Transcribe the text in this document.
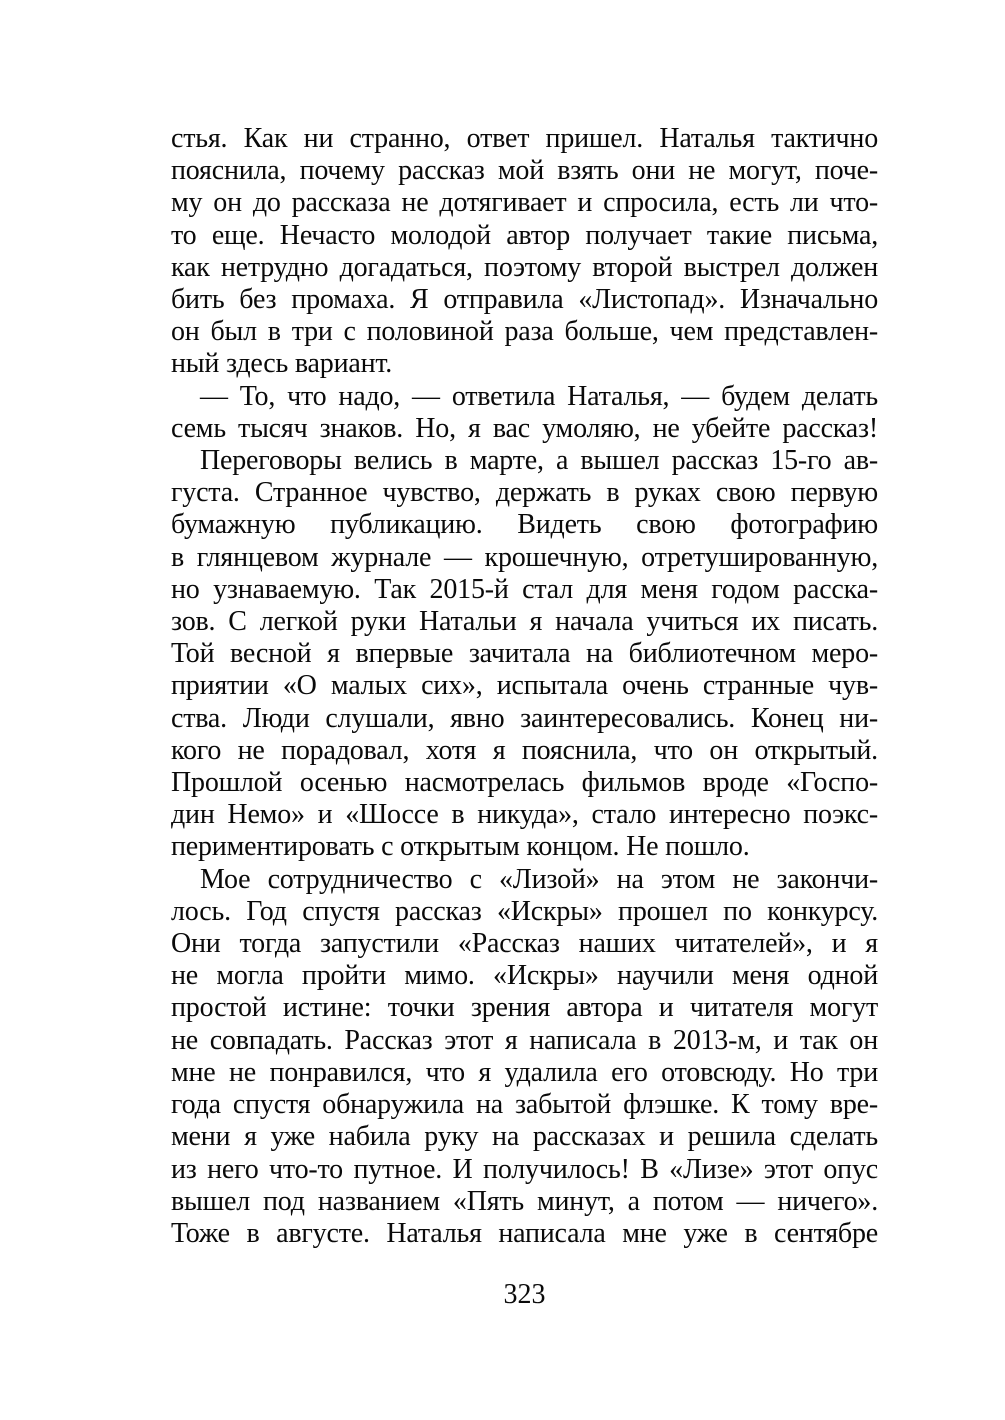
стья. Как ни странно, ответ пришел. Наталья тактично
пояснила, почему рассказ мой взять они не могут, поче-
му он до рассказа не дотягивает и спросила, есть ли что-
то еще. Нечасто молодой автор получает такие письма,
как нетрудно догадаться, поэтому второй выстрел должен
бить без промаха. Я отправила «Листопад». Изначально
он был в три с половиной раза больше, чем представлен-
ный здесь вариант.
— То, что надо, — ответила Наталья, — будем делать
семь тысяч знаков. Но, я вас умоляю, не убейте рассказ!
Переговоры велись в марте, а вышел рассказ 15-го ав-
густа. Странное чувство, держать в руках свою первую
бумажную публикацию. Видеть свою фотографию
в глянцевом журнале — крошечную, отретушированную,
но узнаваемую. Так 2015-й стал для меня годом расска-
зов. С легкой руки Натальи я начала учиться их писать.
Той весной я впервые зачитала на библиотечном меро-
приятии «О малых сих», испытала очень странные чув-
ства. Люди слушали, явно заинтересовались. Конец ни-
кого не порадовал, хотя я пояснила, что он открытый.
Прошлой осенью насмотрелась фильмов вроде «Госпо-
дин Немо» и «Шоссе в никуда», стало интересно поэкс-
периментировать с открытым концом. Не пошло.
Мое сотрудничество с «Лизой» на этом не закончи-
лось. Год спустя рассказ «Искры» прошел по конкурсу.
Они тогда запустили «Рассказ наших читателей», и я
не могла пройти мимо. «Искры» научили меня одной
простой истине: точки зрения автора и читателя могут
не совпадать. Рассказ этот я написала в 2013-м, и так он
мне не понравился, что я удалила его отовсюду. Но три
года спустя обнаружила на забытой флэшке. К тому вре-
мени я уже набила руку на рассказах и решила сделать
из него что-то путное. И получилось! В «Лизе» этот опус
вышел под названием «Пять минут, а потом — ничего».
Тоже в августе. Наталья написала мне уже в сентябре
323
